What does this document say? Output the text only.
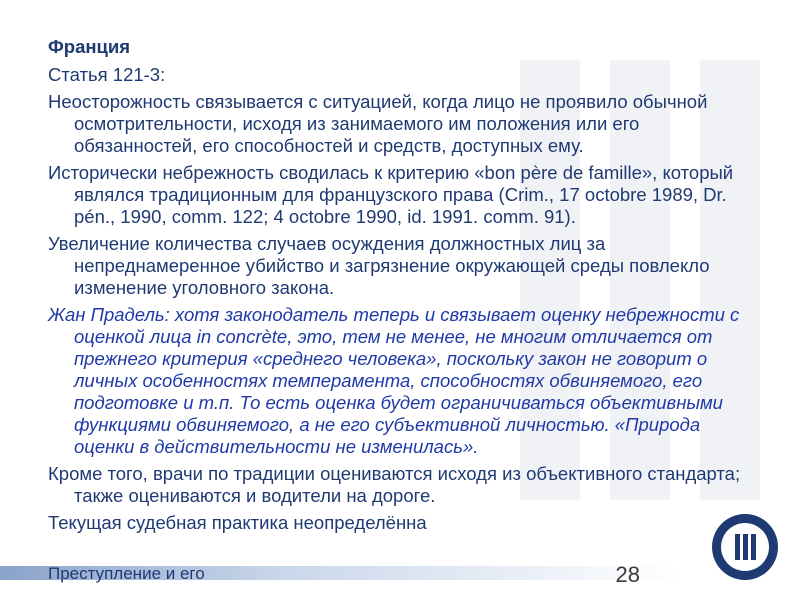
Франция
Статья 121-3:
Неосторожность связывается с ситуацией, когда лицо не проявило обычной осмотрительности, исходя из занимаемого им положения или его обязанностей, его способностей и средств, доступных ему.
Исторически небрежность сводилась к критерию «bon père de famille», который являлся традиционным для французского права (Crim., 17 octobre 1989, Dr. pén., 1990, comm. 122; 4 octobre 1990, id. 1991. comm. 91).
Увеличение количества случаев осуждения должностных лиц за непреднамеренное убийство и загрязнение окружающей среды повлекло изменение уголовного закона.
Жан Прадель: хотя законодатель теперь и связывает оценку небрежности с оценкой лица in concrète, это, тем не менее, не многим отличается от прежнего критерия «среднего человека», поскольку закон не говорит о личных особенностях темперамента, способностях обвиняемого, его подготовке и т.п. То есть оценка будет ограничиваться объективными функциями обвиняемого, а не его субъективной личностью. «Природа оценки в действительности не изменилась».
Кроме того, врачи по традиции оцениваются исходя из объективного стандарта; также оцениваются и водители на дороге.
Текущая судебная практика неопределённа
Преступление и его	28
